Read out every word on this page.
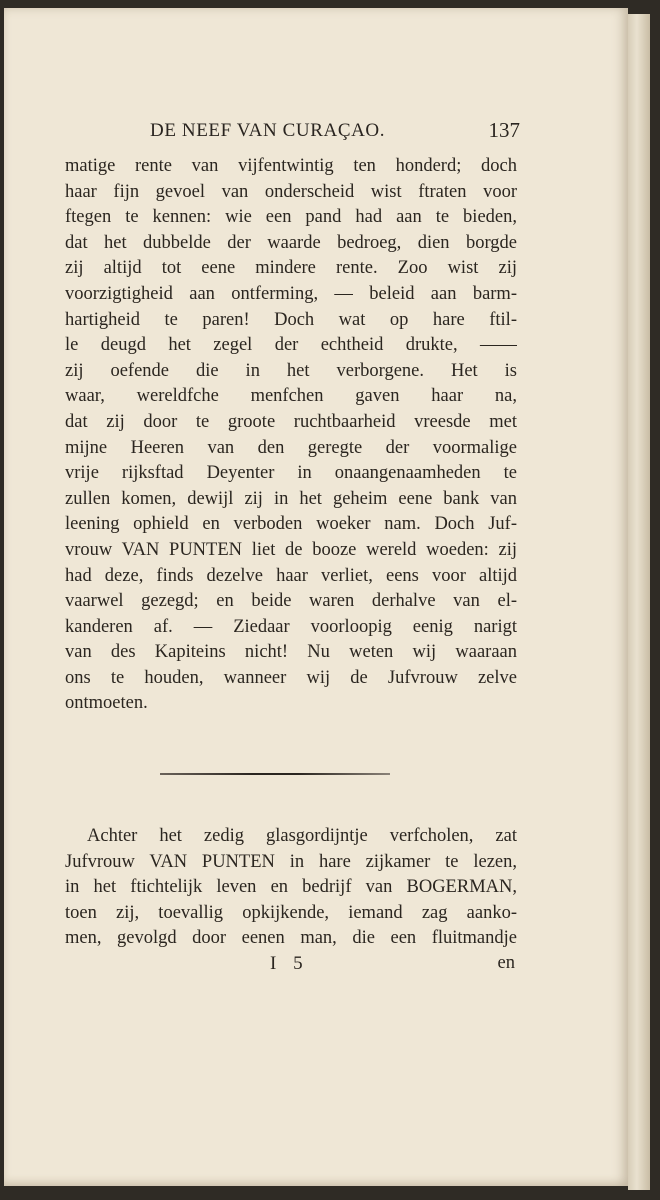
DE NEEF VAN CURAÇAO.	137
matige rente van vijfentwintig ten honderd; doch
haar fijn gevoel van onderscheid wist ftraten voor
ftegen te kennen: wie een pand had aan te bieden,
dat het dubbelde der waarde bedroeg, dien borgde
zij altijd tot eene mindere rente. Zoo wist zij
voorzigtigheid aan ontferming, — beleid aan barm-
hartigheid te paren! Doch wat op hare ftil-
le deugd het zegel der echtheid drukte, ——
zij oefende die in het verborgene. Het is
waar, wereldfche menfchen gaven haar na,
dat zij door te groote ruchtbaarheid vreesde met
mijne Heeren van den geregte der voormalige
vrije rijksftad Deyenter in onaangenaamheden te
zullen komen, dewijl zij in het geheim eene bank van
leening ophield en verboden woeker nam. Doch Juf-
vrouw VAN PUNTEN liet de booze wereld woeden: zij
had deze, finds dezelve haar verliet, eens voor altijd
vaarwel gezegd; en beide waren derhalve van el-
kanderen af. — Ziedaar voorloopig eenig narigt
van des Kapiteins nicht! Nu weten wij waaraan
ons te houden, wanneer wij de Jufvrouw zelve
ontmoeten.
Achter het zedig glasgordijntje verfcholen, zat
Jufvrouw VAN PUNTEN in hare zijkamer te lezen,
in het ftichtelijk leven en bedrijf van BOGERMAN,
toen zij, toevallig opkijkende, iemand zag aanko-
men, gevolgd door eenen man, die een fluitmandje
I 5	en
